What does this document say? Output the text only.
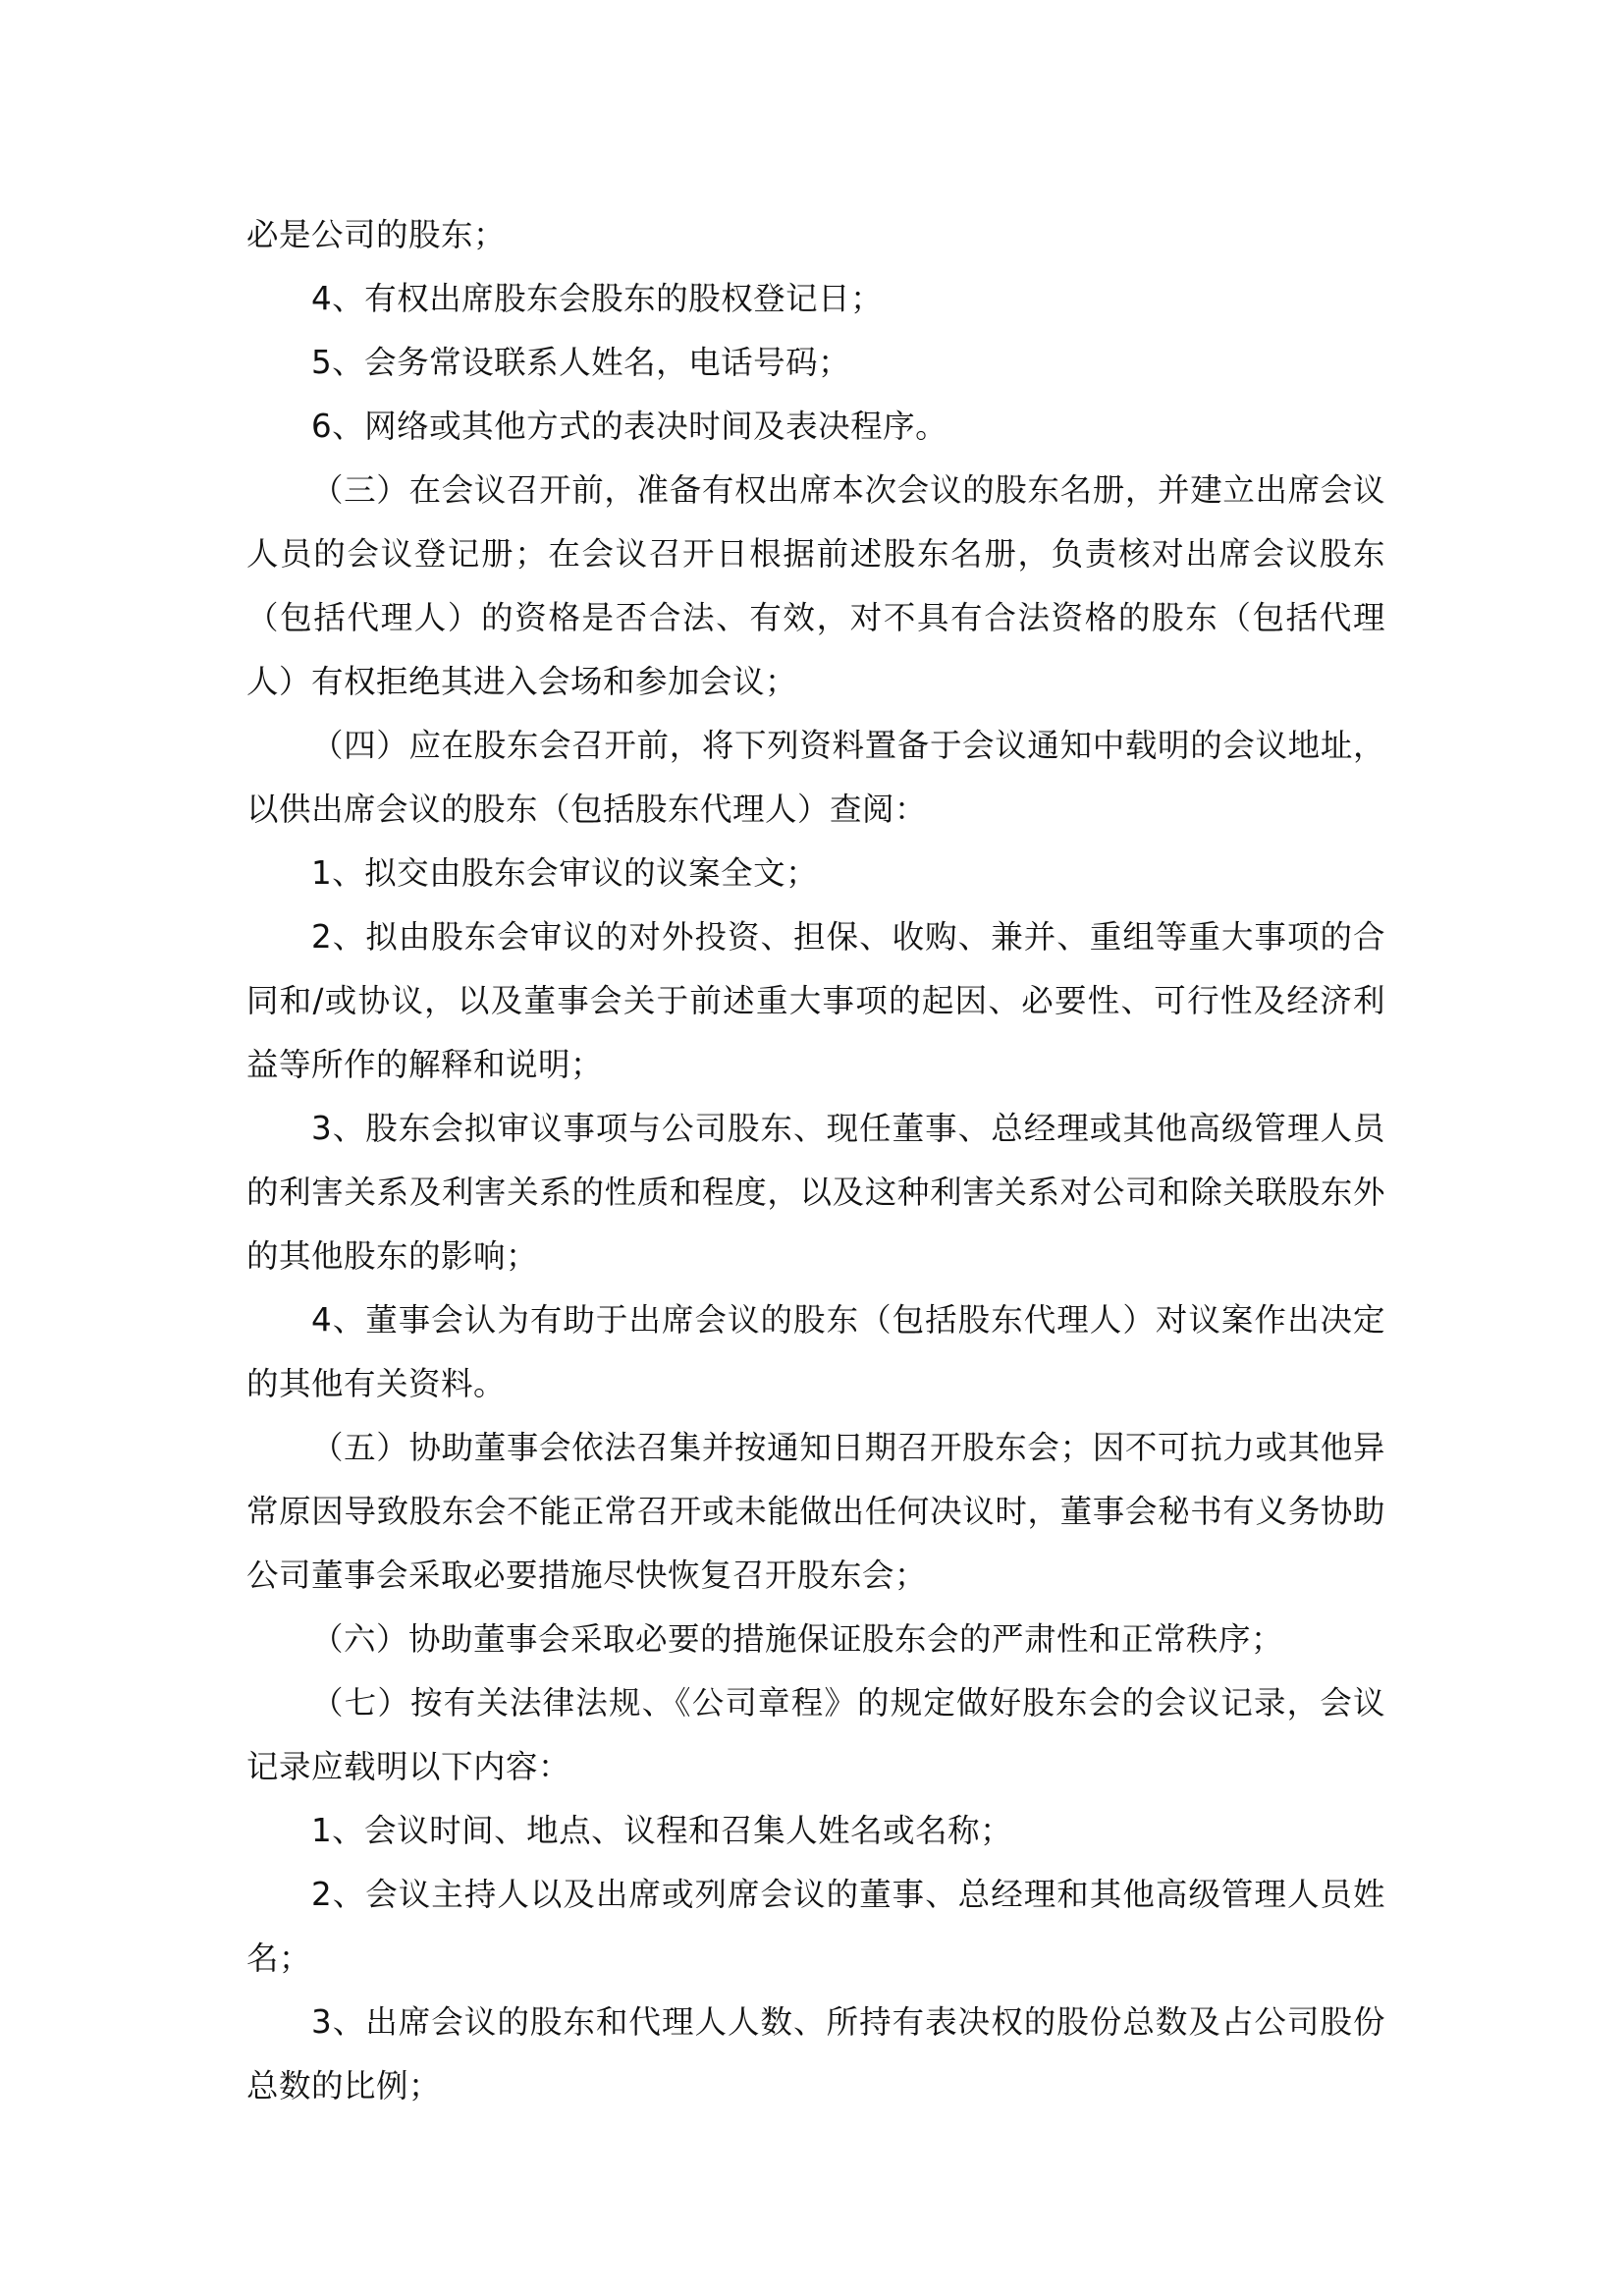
必是公司的股东；

4、有权出席股东会股东的股权登记日；

5、会务常设联系人姓名，电话号码；

6、网络或其他方式的表决时间及表决程序。

（三）在会议召开前，准备有权出席本次会议的股东名册，并建立出席会议人员的会议登记册；在会议召开日根据前述股东名册，负责核对出席会议股东（包括代理人）的资格是否合法、有效，对不具有合法资格的股东（包括代理人）有权拒绝其进入会场和参加会议；

（四）应在股东会召开前，将下列资料置备于会议通知中载明的会议地址，以供出席会议的股东（包括股东代理人）查阅：

1、拟交由股东会审议的议案全文；

2、拟由股东会审议的对外投资、担保、收购、兼并、重组等重大事项的合同和/或协议，以及董事会关于前述重大事项的起因、必要性、可行性及经济利益等所作的解释和说明；

3、股东会拟审议事项与公司股东、现任董事、总经理或其他高级管理人员的利害关系及利害关系的性质和程度，以及这种利害关系对公司和除关联股东外的其他股东的影响；

4、董事会认为有助于出席会议的股东（包括股东代理人）对议案作出决定的其他有关资料。

（五）协助董事会依法召集并按通知日期召开股东会；因不可抗力或其他异常原因导致股东会不能正常召开或未能做出任何决议时，董事会秘书有义务协助公司董事会采取必要措施尽快恢复召开股东会；

（六）协助董事会采取必要的措施保证股东会的严肃性和正常秩序；

（七）按有关法律法规、《公司章程》的规定做好股东会的会议记录，会议记录应载明以下内容：

1、会议时间、地点、议程和召集人姓名或名称；

2、会议主持人以及出席或列席会议的董事、总经理和其他高级管理人员姓名；

3、出席会议的股东和代理人人数、所持有表决权的股份总数及占公司股份总数的比例；
